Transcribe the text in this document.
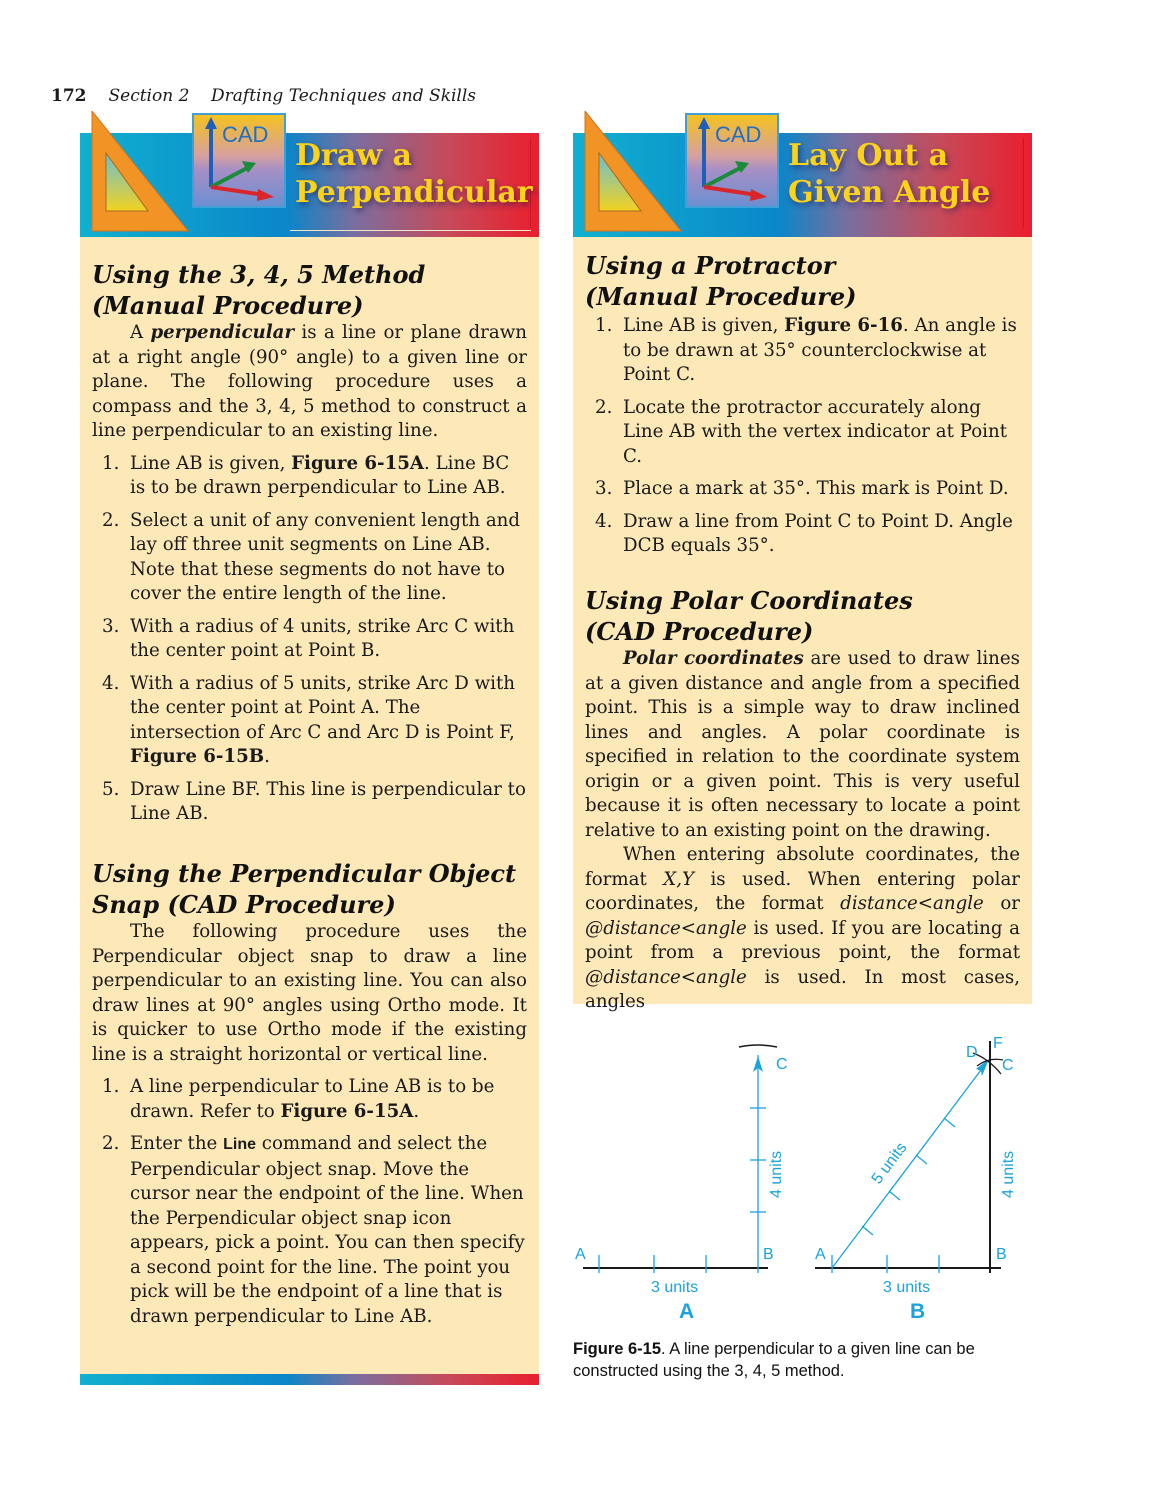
172 Section 2 Drafting Techniques and Skills
CAD
Draw a
Perpendicular
Using the 3, 4, 5 Method
(Manual Procedure)

A perpendicular is a line or plane drawn at a right angle (90° angle) to a given line or plane. The following procedure uses a compass and the 3, 4, 5 method to construct a line perpendicular to an existing line.

1. Line AB is given, Figure 6-15A. Line BC is to be drawn perpendicular to Line AB.
2. Select a unit of any convenient length and lay off three unit segments on Line AB. Note that these segments do not have to cover the entire length of the line.
3. With a radius of 4 units, strike Arc C with the center point at Point B.
4. With a radius of 5 units, strike Arc D with the center point at Point A. The intersection of Arc C and Arc D is Point F, Figure 6-15B.
5. Draw Line BF. This line is perpendicular to Line AB.
Using the Perpendicular Object
Snap (CAD Procedure)

The following procedure uses the Perpendicular object snap to draw a line perpendicular to an existing line. You can also draw lines at 90° angles using Ortho mode. It is quicker to use Ortho mode if the existing line is a straight horizontal or vertical line.

1. A line perpendicular to Line AB is to be drawn. Refer to Figure 6-15A.
2. Enter the Line command and select the Perpendicular object snap. Move the cursor near the endpoint of the line. When the Perpendicular object snap icon appears, pick a point. You can then specify a second point for the line. The point you pick will be the endpoint of a line that is drawn perpendicular to Line AB.
CAD
Lay Out a
Given Angle
Using a Protractor
(Manual Procedure)
1. Line AB is given, Figure 6-16. An angle is to be drawn at 35° counterclockwise at Point C.
2. Locate the protractor accurately along Line AB with the vertex indicator at Point C.
3. Place a mark at 35°. This mark is Point D.
4. Draw a line from Point C to Point D. Angle DCB equals 35°.
Using Polar Coordinates
(CAD Procedure)

Polar coordinates are used to draw lines at a given distance and angle from a specified point. This is a simple way to draw inclined lines and angles. A polar coordinate is specified in relation to the coordinate system origin or a given point. This is very useful because it is often necessary to locate a point relative to an existing point on the drawing.

When entering absolute coordinates, the format X,Y is used. When entering polar coordinates, the format distance<angle or @distance<angle is used. If you are locating a point from a previous point, the format @distance<angle is used. In most cases, angles

A	B
C
4 units
3 units
A
A	B
C
D
F
4 units
5 units
3 units
B
Figure 6-15. A line perpendicular to a given line can be constructed using the 3, 4, 5 method.
